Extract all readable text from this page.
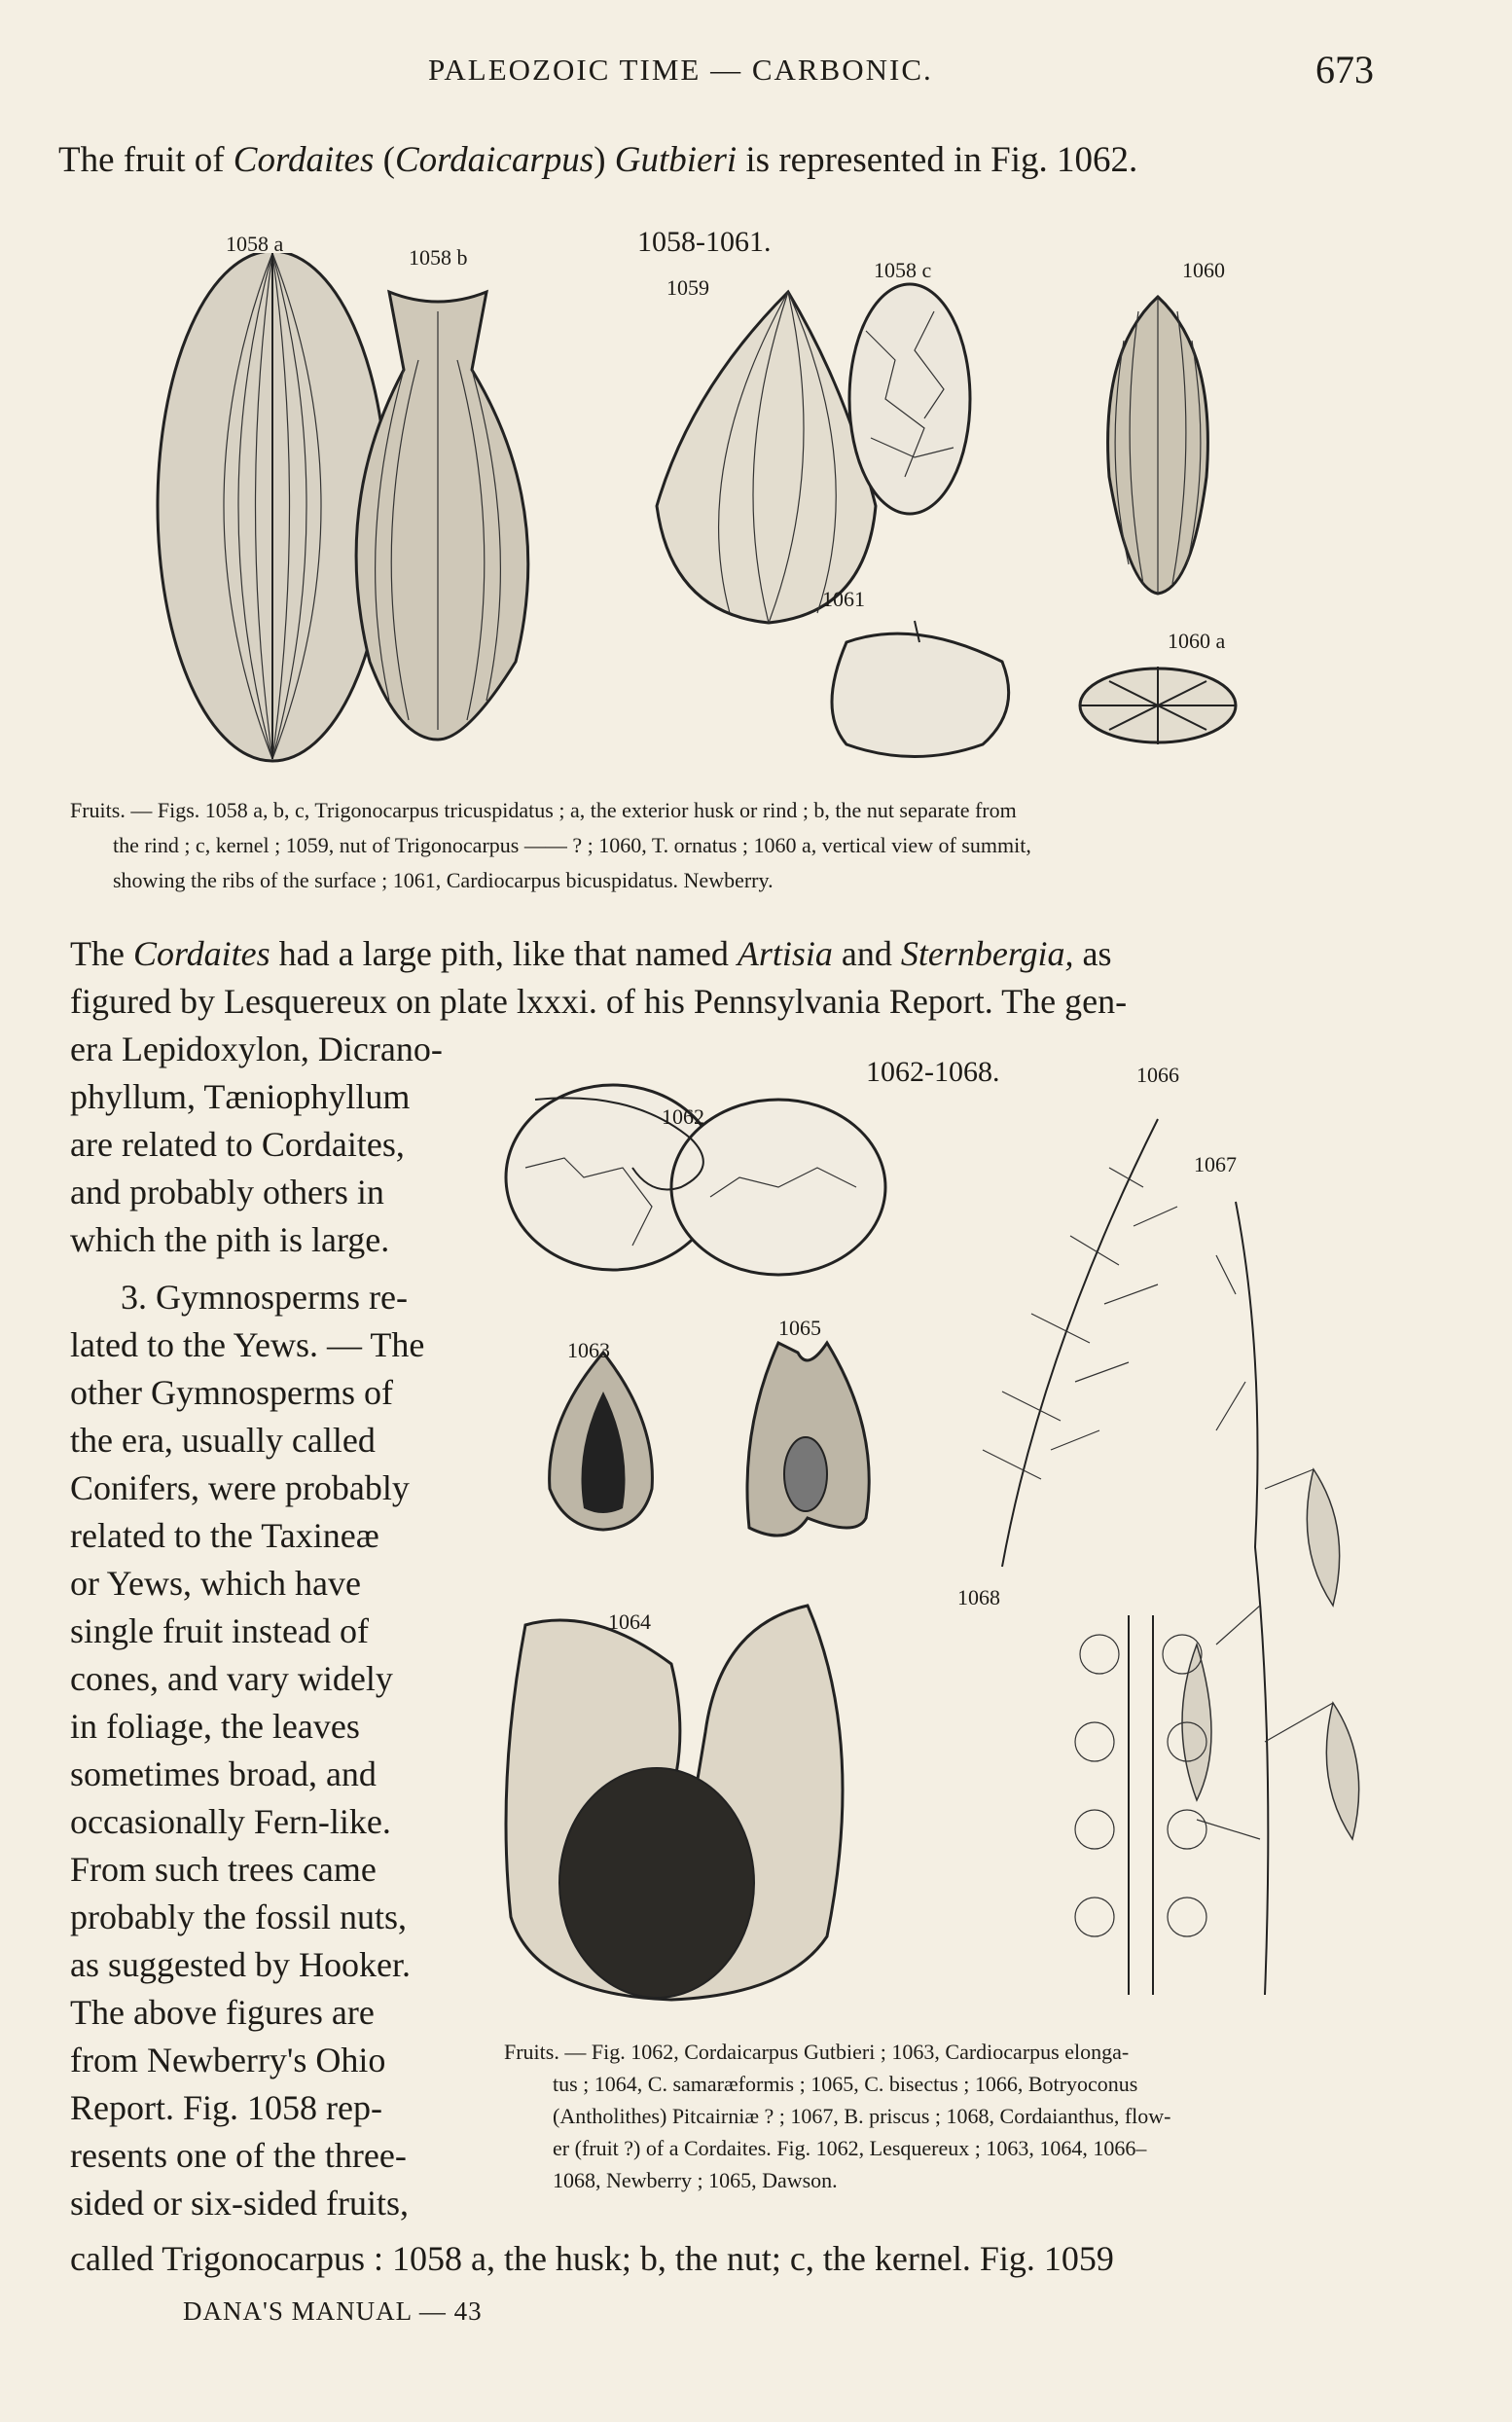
PALEOZOIC TIME — CARBONIC.	673
The fruit of Cordaites (Cordaicarpus) Gutbieri is represented in Fig. 1062.
1058 a
1058 b	1058-1061.
1059
1058 c	1060
1061
1060 a
Fruits. — Figs. 1058 a, b, c, Trigonocarpus tricuspidatus ; a, the exterior husk or rind ; b, the nut separate from
the rind ; c, kernel ; 1059, nut of Trigonocarpus —— ? ; 1060, T. ornatus ; 1060 a, vertical view of summit,
showing the ribs of the surface ; 1061, Cardiocarpus bicuspidatus. Newberry.
The Cordaites had a large pith, like that named Artisia and Sternbergia, as
figured by Lesquereux on plate lxxxi. of his Pennsylvania Report. The gen-
era Lepidoxylon, Dicrano-
phyllum, Tæniophyllum
are related to Cordaites,
and probably others in
which the pith is large.
3. Gymnosperms re-
lated to the Yews. — The
other Gymnosperms of
the era, usually called
Conifers, were probably
related to the Taxineæ
or Yews, which have
single fruit instead of
cones, and vary widely
in foliage, the leaves
sometimes broad, and
occasionally Fern-like.
From such trees came
probably the fossil nuts,
as suggested by Hooker.
The above figures are
from Newberry's Ohio
Report. Fig. 1058 rep-
resents one of the three-
sided or six-sided fruits,
1062-1068.	1066
1062
1067
1065
1063
1068
1064
Fruits. — Fig. 1062, Cordaicarpus Gutbieri ; 1063, Cardiocarpus elonga-
tus ; 1064, C. samaræformis ; 1065, C. bisectus ; 1066, Botryoconus
(Antholithes) Pitcairniæ ? ; 1067, B. priscus ; 1068, Cordaianthus, flow-
er (fruit ?) of a Cordaites. Fig. 1062, Lesquereux ; 1063, 1064, 1066–
1068, Newberry ; 1065, Dawson.
called Trigonocarpus : 1058 a, the husk; b, the nut; c, the kernel. Fig. 1059
DANA'S MANUAL — 43
